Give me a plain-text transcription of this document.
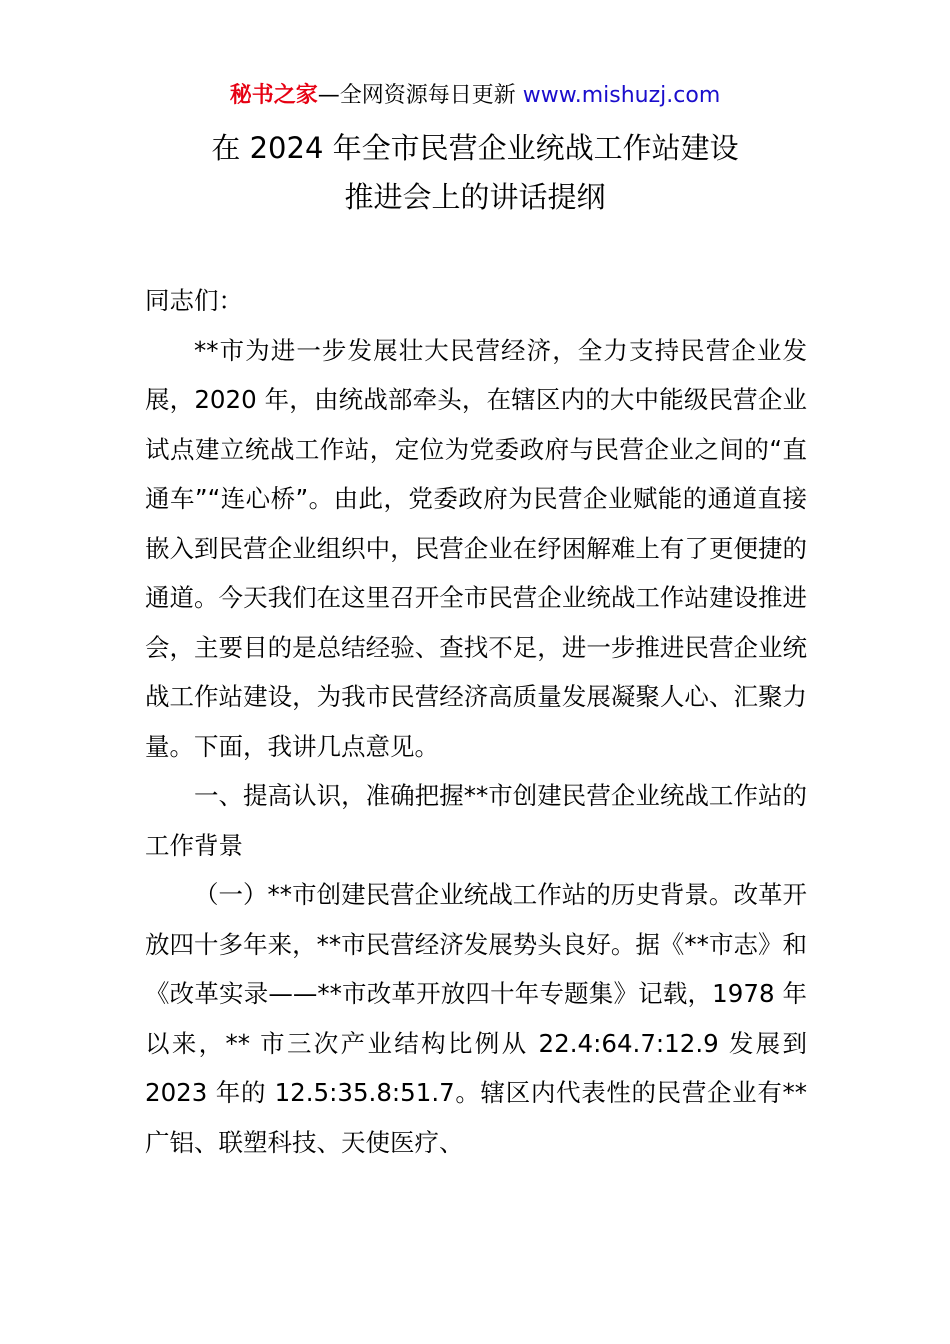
秘书之家—全网资源每日更新 www.mishuzj.com
在 2024 年全市民营企业统战工作站建设
推进会上的讲话提纲

同志们：

**市为进一步发展壮大民营经济，全力支持民营企业发展，2020 年，由统战部牵头，在辖区内的大中能级民营企业试点建立统战工作站，定位为党委政府与民营企业之间的“直通车”“连心桥”。由此，党委政府为民营企业赋能的通道直接嵌入到民营企业组织中，民营企业在纾困解难上有了更便捷的通道。今天我们在这里召开全市民营企业统战工作站建设推进会，主要目的是总结经验、查找不足，进一步推进民营企业统战工作站建设，为我市民营经济高质量发展凝聚人心、汇聚力量。下面，我讲几点意见。

一、提高认识，准确把握**市创建民营企业统战工作站的工作背景

（一）**市创建民营企业统战工作站的历史背景。改革开放四十多年来，**市民营经济发展势头良好。据《**市志》和《改革实录——**市改革开放四十年专题集》记载，1978 年以来，** 市三次产业结构比例从 22.4:64.7:12.9 发展到 2023 年的 12.5:35.8:51.7。辖区内代表性的民营企业有**广铝、联塑科技、天使医疗、
